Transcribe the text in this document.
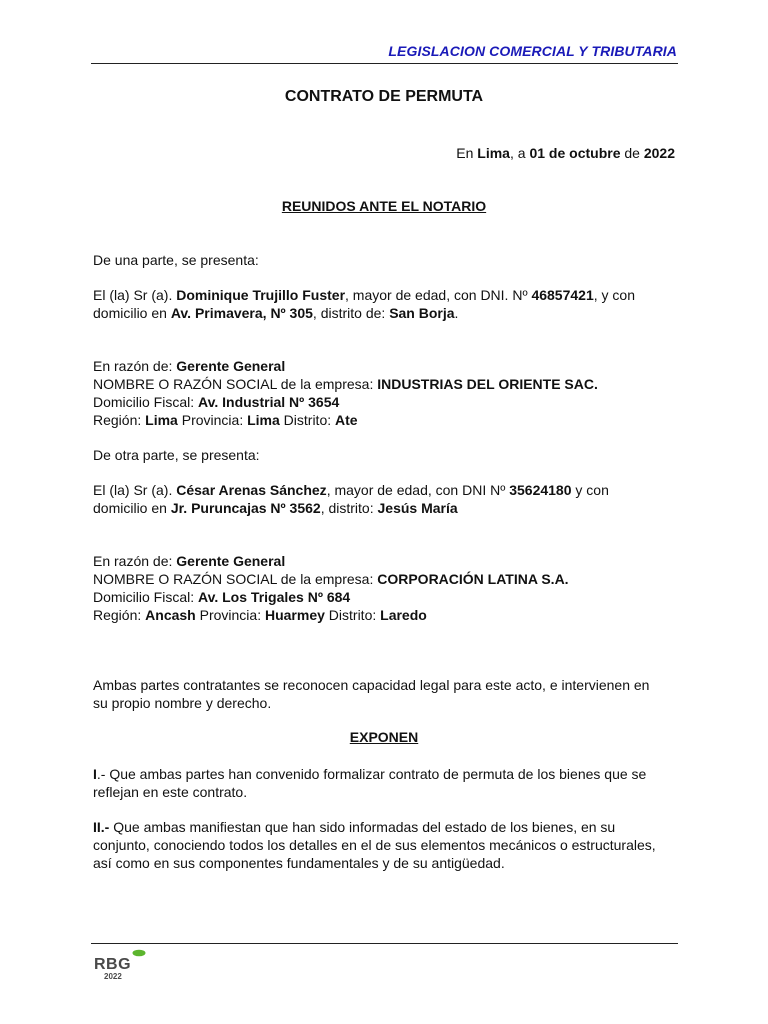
LEGISLACION COMERCIAL Y TRIBUTARIA
CONTRATO DE PERMUTA
En Lima, a 01 de octubre de 2022
REUNIDOS ANTE EL NOTARIO

De una parte, se presenta:

El (la) Sr (a). Dominique Trujillo Fuster, mayor de edad, con DNI. Nº 46857421, y con
domicilio en Av. Primavera, Nº 305, distrito de: San Borja.

En razón de: Gerente General
NOMBRE O RAZÓN SOCIAL de la empresa: INDUSTRIAS DEL ORIENTE SAC.
Domicilio Fiscal: Av. Industrial Nº 3654
Región: Lima Provincia: Lima Distrito: Ate

De otra parte, se presenta:

El (la) Sr (a). César Arenas Sánchez, mayor de edad, con DNI Nº 35624180 y con
domicilio en Jr. Puruncajas Nº 3562, distrito: Jesús María

En razón de: Gerente General
NOMBRE O RAZÓN SOCIAL de la empresa: CORPORACIÓN LATINA S.A.
Domicilio Fiscal: Av. Los Trigales Nº 684
Región: Ancash Provincia: Huarmey Distrito: Laredo

Ambas partes contratantes se reconocen capacidad legal para este acto, e intervienen en
su propio nombre y derecho.

EXPONEN

I.- Que ambas partes han convenido formalizar contrato de permuta de los bienes que se
reflejan en este contrato.

II.- Que ambas manifiestan que han sido informadas del estado de los bienes, en su
conjunto, conociendo todos los detalles en el de sus elementos mecánicos o estructurales,
así como en sus componentes fundamentales y de su antigüedad.

RBG
2022
